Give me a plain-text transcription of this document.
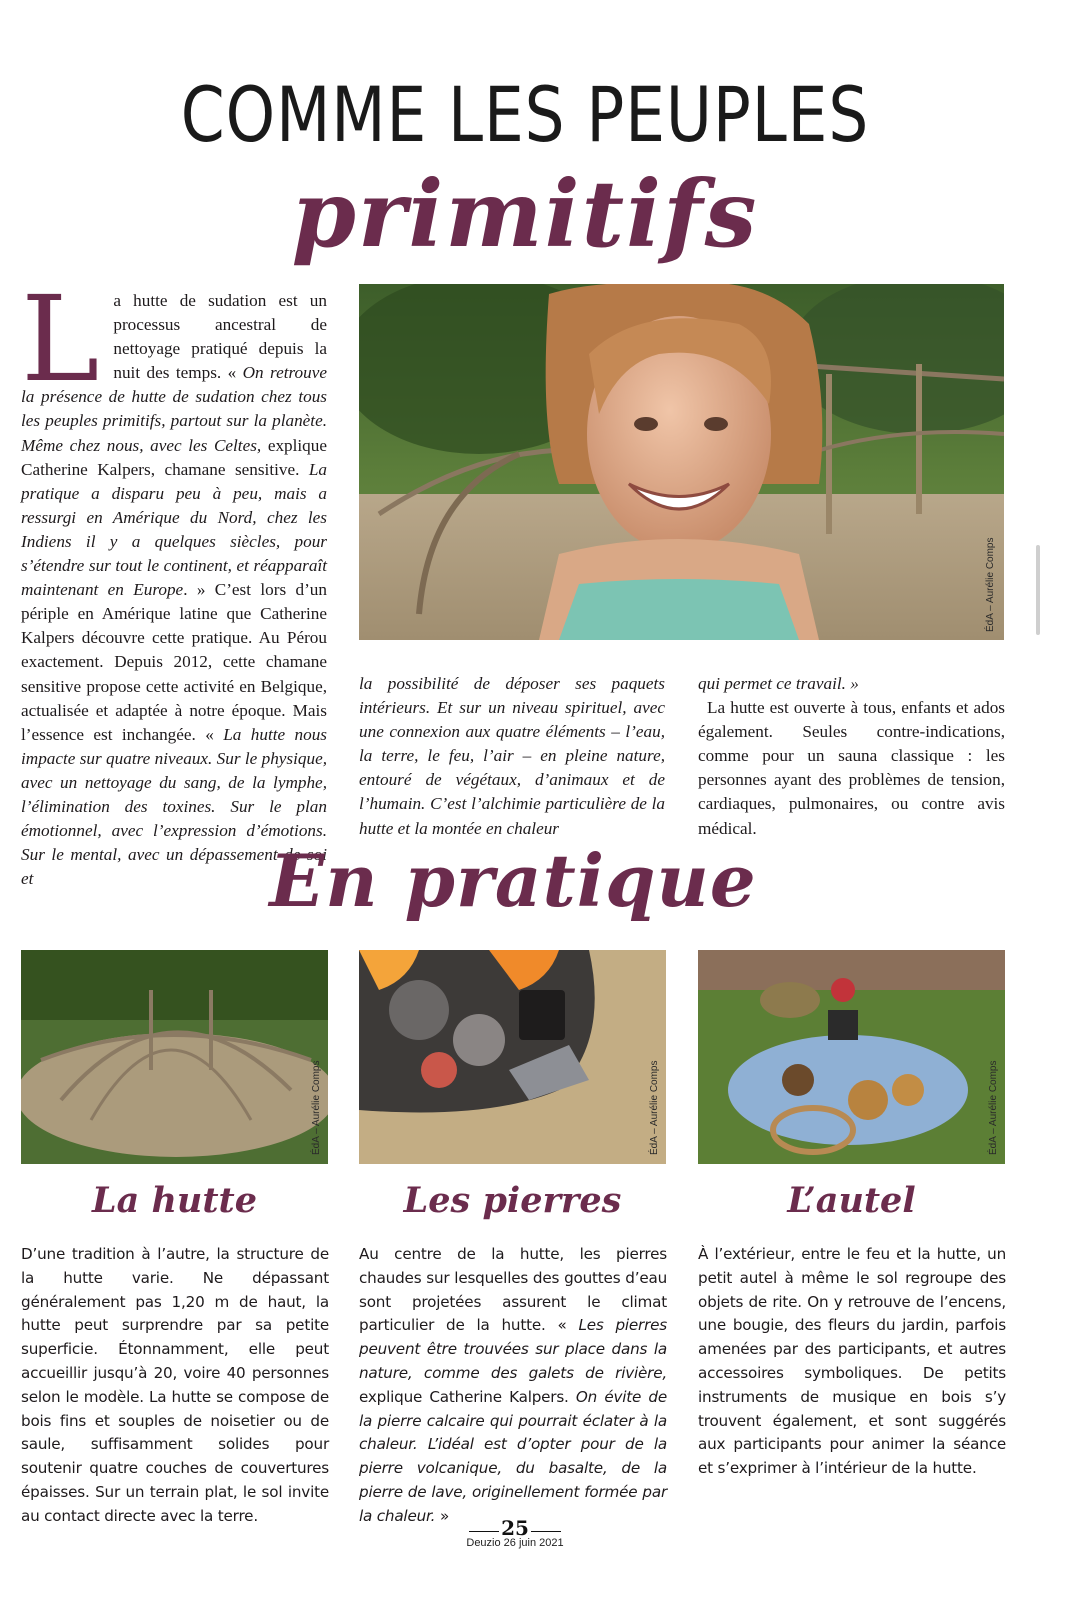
COMME LES PEUPLES
primitifs
L a hutte de sudation est un processus ancestral de nettoyage pratiqué depuis la nuit des temps. « On retrouve la présence de hutte de sudation chez tous les peuples primitifs, partout sur la planète. Même chez nous, avec les Celtes, explique Catherine Kalpers, chamane sensitive. La pratique a disparu peu à peu, mais a ressurgi en Amérique du Nord, chez les Indiens il y a quelques siècles, pour s’étendre sur tout le continent, et réapparaît maintenant en Europe. » C’est lors d’un périple en Amérique latine que Catherine Kalpers découvre cette pratique. Au Pérou exactement. Depuis 2012, cette chamane sensitive propose cette activité en Belgique, actualisée et adaptée à notre époque. Mais l’essence est inchangée. « La hutte nous impacte sur quatre niveaux. Sur le physique, avec un nettoyage du sang, de la lymphe, l’élimination des toxines. Sur le plan émotionnel, avec l’expression d’émotions. Sur le mental, avec un dépassement de soi et

ÉdA – Aurélie Comps

la possibilité de déposer ses paquets intérieurs. Et sur un niveau spirituel, avec une connexion aux quatre éléments – l’eau, la terre, le feu, l’air – en pleine nature, entouré de végétaux, d’animaux et de l’humain. C’est l’alchimie particulière de la hutte et la montée en chaleur

qui permet ce travail. »

La hutte est ouverte à tous, enfants et ados également. Seules contre-indications, comme pour un sauna classique : les personnes ayant des problèmes de tension, cardiaques, pulmonaires, ou contre avis médical.

En pratique
ÉdA – Aurélie Comps	ÉdA – Aurélie Comps	ÉdA – Aurélie Comps
La hutte	Les pierres	L’autel

D’une tradition à l’autre, la structure de la hutte varie. Ne dépassant généralement pas 1,20 m de haut, la hutte peut surprendre par sa petite superficie. Étonnamment, elle peut accueillir jusqu’à 20, voire 40 personnes selon le modèle. La hutte se compose de bois fins et souples de noisetier ou de saule, suffisamment solides pour soutenir quatre couches de couvertures épaisses. Sur un terrain plat, le sol invite au contact directe avec la terre.

Au centre de la hutte, les pierres chaudes sur lesquelles des gouttes d’eau sont projetées assurent le climat particulier de la hutte. « Les pierres peuvent être trouvées sur place dans la nature, comme des galets de rivière, explique Catherine Kalpers. On évite de la pierre calcaire qui pourrait éclater à la chaleur. L’idéal est d’opter pour de la pierre volcanique, du basalte, de la pierre de lave, originellement formée par la chaleur. »

À l’extérieur, entre le feu et la hutte, un petit autel à même le sol regroupe des objets de rite. On y retrouve de l’encens, une bougie, des fleurs du jardin, parfois amenées par des participants, et autres accessoires symboliques. De petits instruments de musique en bois s’y trouvent également, et sont suggérés aux participants pour animer la séance et s’exprimer à l’intérieur de la hutte.

25
Deuzio 26 juin 2021
